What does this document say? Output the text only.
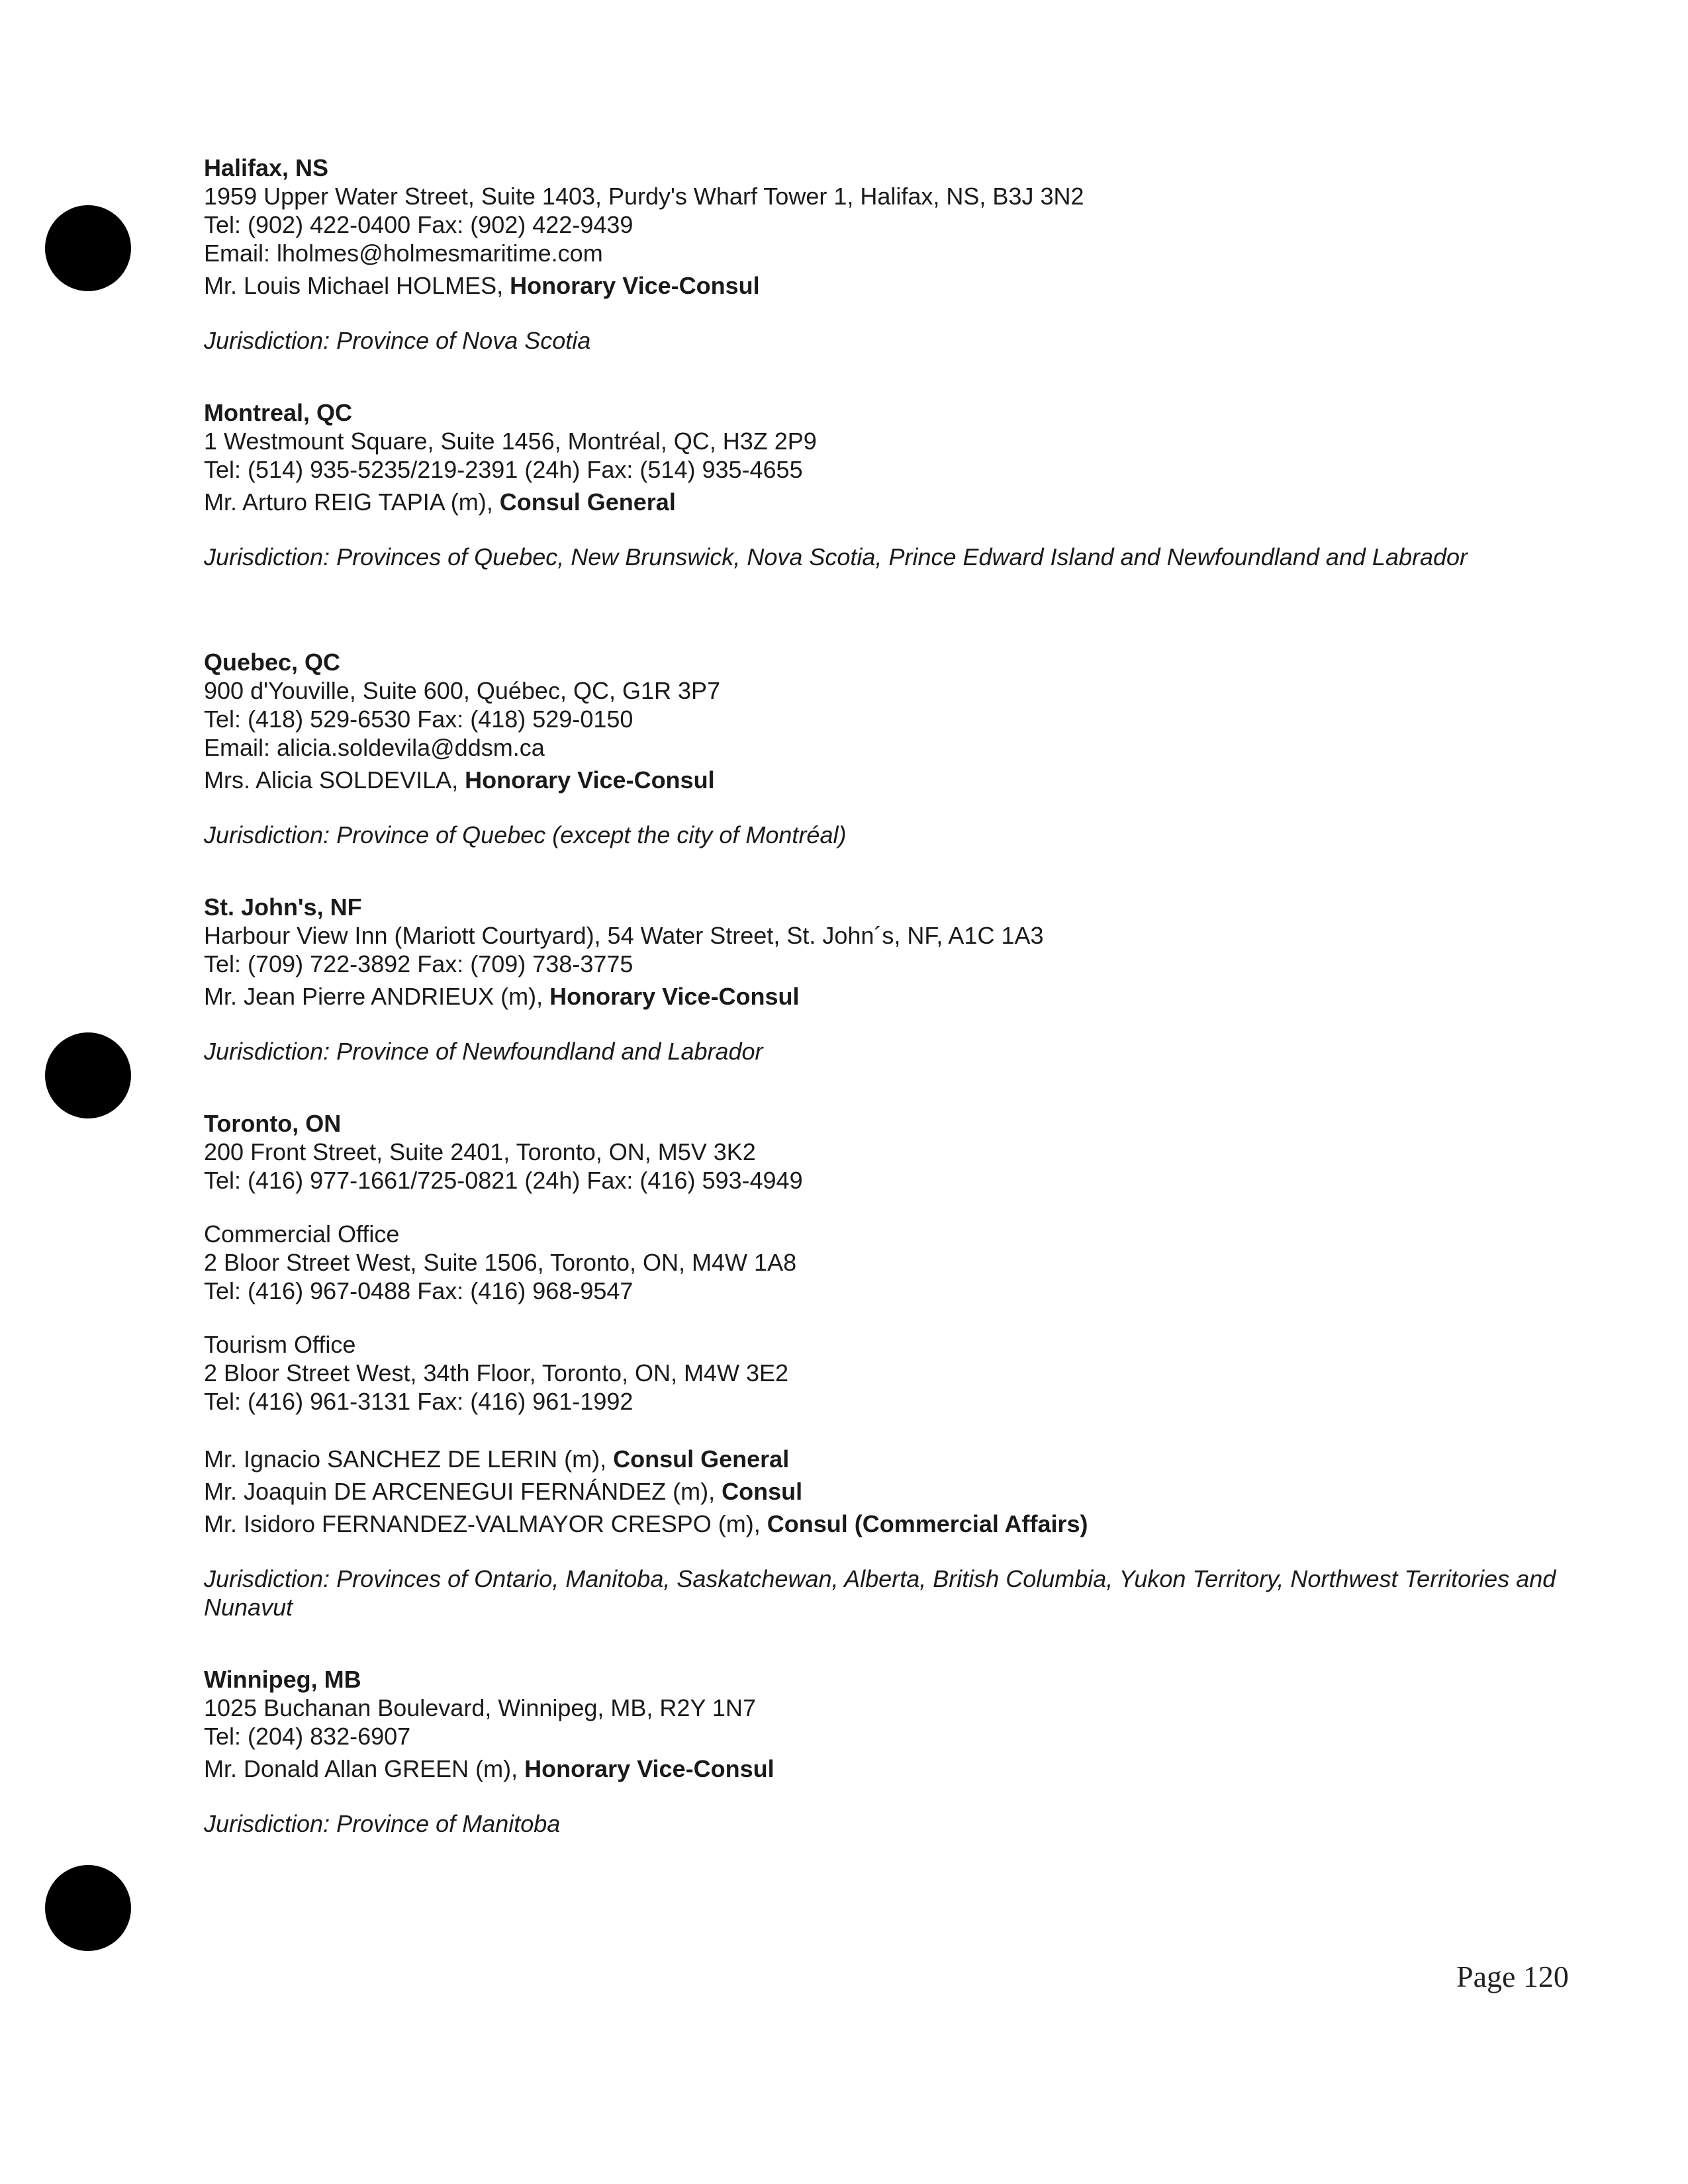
Halifax, NS
1959 Upper Water Street, Suite 1403, Purdy's Wharf Tower 1, Halifax, NS, B3J 3N2
Tel: (902) 422-0400 Fax: (902) 422-9439
Email: lholmes@holmesmaritime.com
Mr. Louis Michael HOLMES, Honorary Vice-Consul
Jurisdiction: Province of Nova Scotia
Montreal, QC
1 Westmount Square, Suite 1456, Montréal, QC, H3Z 2P9
Tel: (514) 935-5235/219-2391 (24h) Fax: (514) 935-4655
Mr. Arturo REIG TAPIA (m), Consul General
Jurisdiction: Provinces of Quebec, New Brunswick, Nova Scotia, Prince Edward Island and Newfoundland and Labrador
Quebec, QC
900 d'Youville, Suite 600, Québec, QC, G1R 3P7
Tel: (418) 529-6530 Fax: (418) 529-0150
Email: alicia.soldevila@ddsm.ca
Mrs. Alicia SOLDEVILA, Honorary Vice-Consul
Jurisdiction: Province of Quebec (except the city of Montréal)
St. John's, NF
Harbour View Inn (Mariott Courtyard), 54 Water Street, St. John´s, NF, A1C 1A3
Tel: (709) 722-3892 Fax: (709) 738-3775
Mr. Jean Pierre ANDRIEUX (m), Honorary Vice-Consul
Jurisdiction: Province of Newfoundland and Labrador
Toronto, ON
200 Front Street, Suite 2401, Toronto, ON, M5V 3K2
Tel: (416) 977-1661/725-0821 (24h) Fax: (416) 593-4949
Commercial Office
2 Bloor Street West, Suite 1506, Toronto, ON, M4W 1A8
Tel: (416) 967-0488 Fax: (416) 968-9547
Tourism Office
2 Bloor Street West, 34th Floor, Toronto, ON, M4W 3E2
Tel: (416) 961-3131 Fax: (416) 961-1992
Mr. Ignacio SANCHEZ DE LERIN (m), Consul General
Mr. Joaquin DE ARCENEGUI FERNÁNDEZ (m), Consul
Mr. Isidoro FERNANDEZ-VALMAYOR CRESPO (m), Consul (Commercial Affairs)
Jurisdiction: Provinces of Ontario, Manitoba, Saskatchewan, Alberta, British Columbia, Yukon Territory, Northwest Territories and Nunavut
Winnipeg, MB
1025 Buchanan Boulevard, Winnipeg, MB, R2Y 1N7
Tel: (204) 832-6907
Mr. Donald Allan GREEN (m), Honorary Vice-Consul
Jurisdiction: Province of Manitoba
Page 120
